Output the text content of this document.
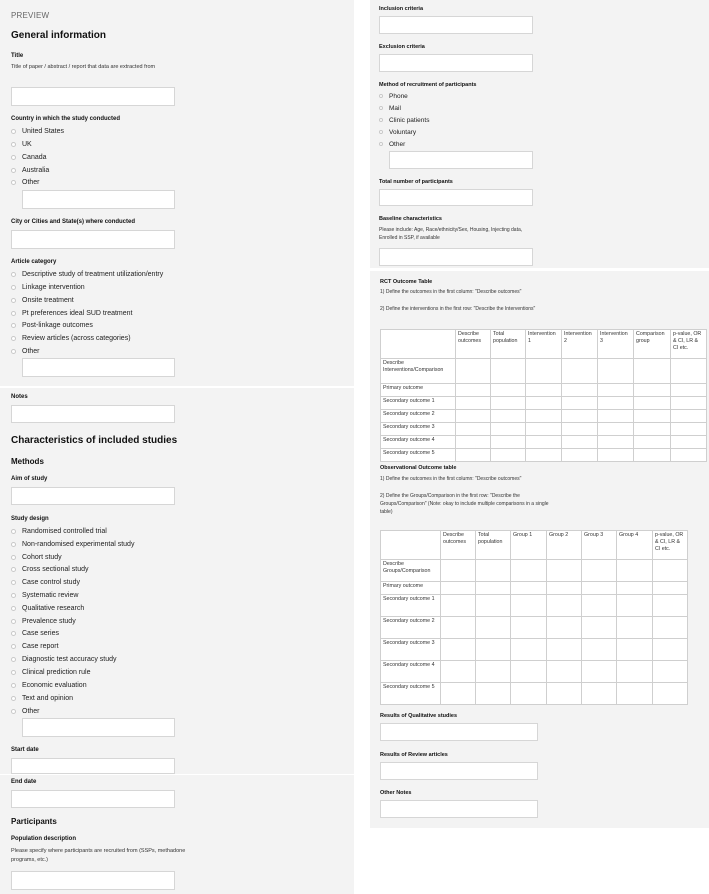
PREVIEW
General information
Title
Title of paper / abstract / report that data are extracted from
Country in which the study conducted
United States
UK
Canada
Australia
Other
City or Cities and State(s) where conducted
Article category
Descriptive study of treatment utilization/entry
Linkage intervention
Onsite treatment
Pt preferences ideal SUD treatment
Post-linkage outcomes
Review articles (across categories)
Other
Notes
Characteristics of included studies
Methods
Aim of study
Study design
Randomised controlled trial
Non-randomised experimental study
Cohort study
Cross sectional study
Case control study
Systematic review
Qualitative research
Prevalence study
Case series
Case report
Diagnostic test accuracy study
Clinical prediction rule
Economic evaluation
Text and opinion
Other
Start date
End date
Participants
Population description
Please specify where participants are recruited from (SSPs, methadone programs, etc.)
Inclusion criteria
Exclusion criteria
Method of recruitment of participants
Phone
Mail
Clinic patients
Voluntary
Other
Total number of participants
Baseline characteristics
Please include: Age, Race/ethnicity/Sex, Housing, Injecting data, Enrolled in SSP, if available
RCT Outcome Table
1) Define the outcomes in the first column: "Describe outcomes"
2) Define the interventions in the first row: "Describe the Interventions"
	Describe outcomes	Total population	Intervention 1	Intervention 2	Intervention 3	Comparison group	p-value, OR & CI, LR & CI etc.
Describe Interventions/Comparison							
Primary outcome							
Secondary outcome 1							
Secondary outcome 2							
Secondary outcome 3							
Secondary outcome 4							
Secondary outcome 5							
Observational Outcome table
1) Define the outcomes in the first column: "Describe outcomes"
2) Define the Groups/Comparison in the first row: "Describe the Groups/Comparison" (Note: okay to include multiple comparisons in a single table)
	Describe outcomes	Total population	Group 1	Group 2	Group 3	Group 4	p-value, OR & CI, LR & CI etc.
Describe Groups/Comparison							
Primary outcome							
Secondary outcome 1							
Secondary outcome 2							
Secondary outcome 3							
Secondary outcome 4							
Secondary outcome 5							
Results of Qualitative studies
Results of Review articles
Other Notes
